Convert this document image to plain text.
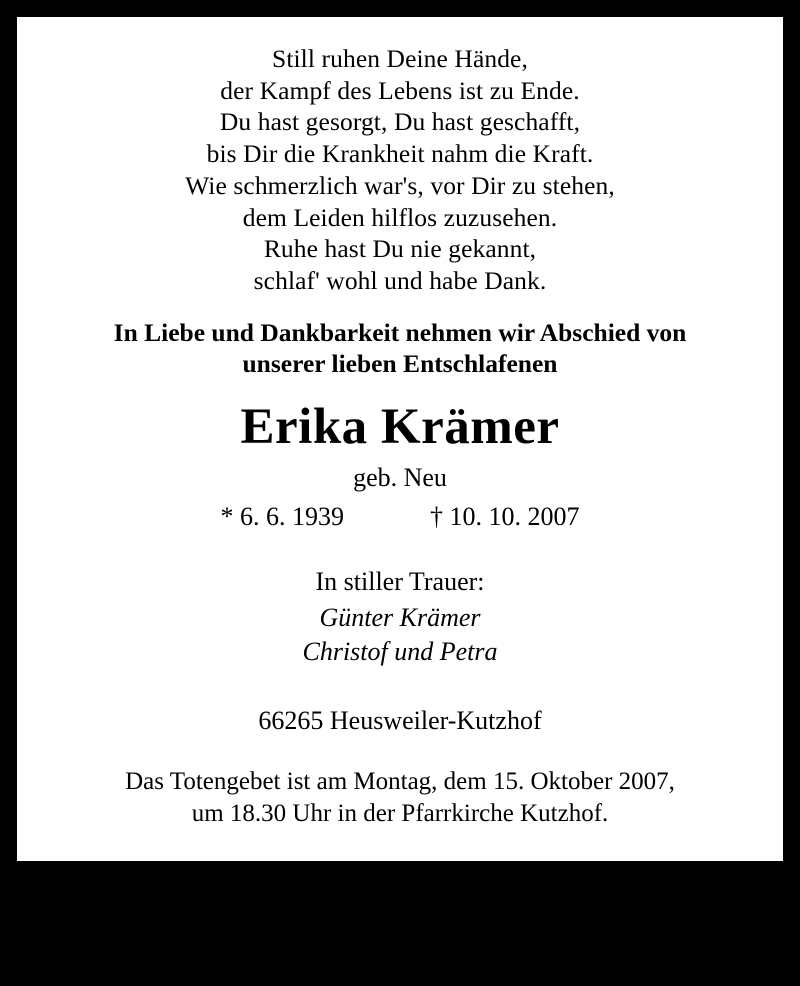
Still ruhen Deine Hände,
der Kampf des Lebens ist zu Ende.
Du hast gesorgt, Du hast geschafft,
bis Dir die Krankheit nahm die Kraft.
Wie schmerzlich war's, vor Dir zu stehen,
dem Leiden hilflos zuzusehen.
Ruhe hast Du nie gekannt,
schlaf' wohl und habe Dank.
In Liebe und Dankbarkeit nehmen wir Abschied von
unserer lieben Entschlafenen
Erika Krämer
geb. Neu
* 6. 6. 1939	† 10. 10. 2007
In stiller Trauer:
Günter Krämer
Christof und Petra
66265 Heusweiler-Kutzhof
Das Totengebet ist am Montag, dem 15. Oktober 2007,
um 18.30 Uhr in der Pfarrkirche Kutzhof.
Das Sterbeamt ist am Dienstag, dem 16. Oktober 2007,
um 14.30 Uhr in Kutzhof; anschließend die Beisetzung.
Beerdigungsinstitut Edgar Hoffmann, Lummerschied
